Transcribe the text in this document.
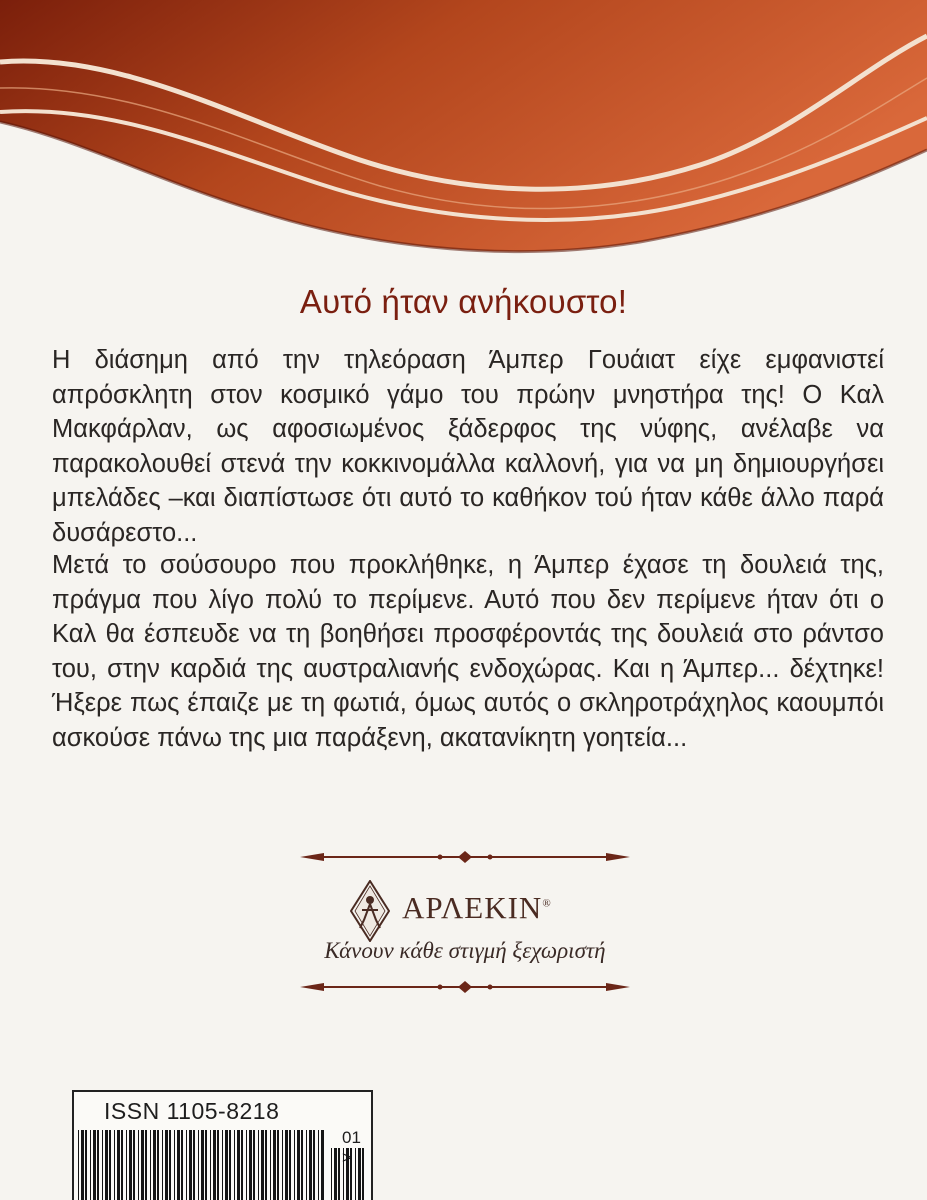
Αυτό ήταν ανήκουστο!

Η διάσημη από την τηλεόραση Άμπερ Γουάιατ είχε εμφανιστεί απρόσκλητη στον κοσμικό γάμο του πρώην μνηστήρα της! Ο Καλ Μακφάρλαν, ως αφοσιωμένος ξάδερφος της νύφης, ανέλαβε να παρακολουθεί στενά την κοκκινομάλλα καλλονή, για να μη δημιουργήσει μπελάδες –και διαπίστωσε ότι αυτό το καθήκον τού ήταν κάθε άλλο παρά δυσάρεστο...

Μετά το σούσουρο που προκλήθηκε, η Άμπερ έχασε τη δουλειά της, πράγμα που λίγο πολύ το περίμενε. Αυτό που δεν περίμενε ήταν ότι ο Καλ θα έσπευδε να τη βοηθήσει προσφέροντάς της δουλειά στο ράντσο του, στην καρδιά της αυστραλιανής ενδοχώρας. Και η Άμπερ... δέχτηκε! Ήξερε πως έπαιζε με τη φωτιά, όμως αυτός ο σκληροτράχηλος καουμπόι ασκούσε πάνω της μια παράξενη, ακατανίκητη γοητεία...

ΑΡΛΕΚΙΝ®
Κάνουν κάθε στιγμή ξεχωριστή
ISSN 1105-8218
01
